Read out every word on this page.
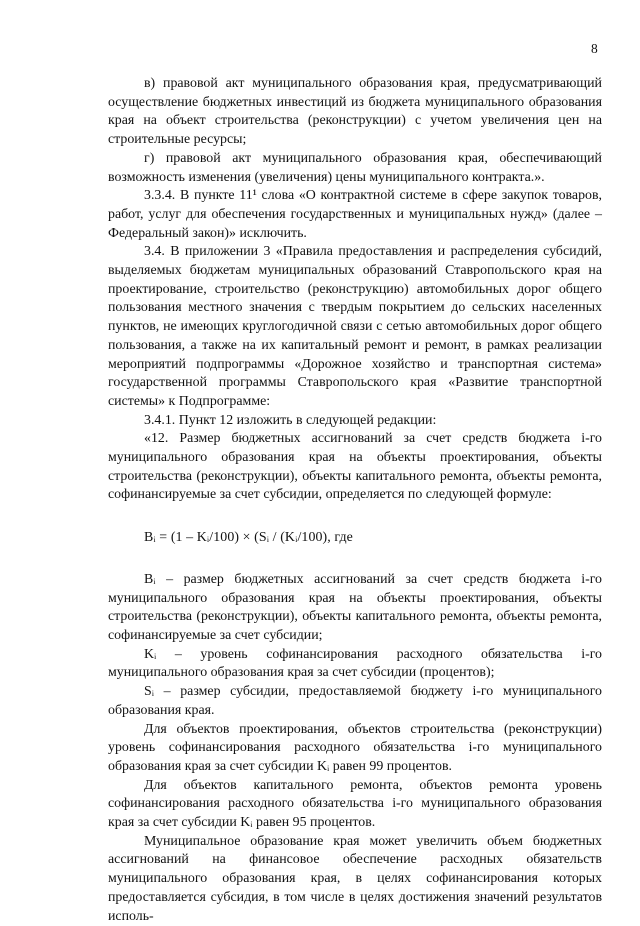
8

в) правовой акт муниципального образования края, предусматривающий осуществление бюджетных инвестиций из бюджета муниципального образования края на объект строительства (реконструкции) с учетом увеличения цен на строительные ресурсы;

г) правовой акт муниципального образования края, обеспечивающий возможность изменения (увеличения) цены муниципального контракта.».

3.3.4. В пункте 11¹ слова «О контрактной системе в сфере закупок товаров, работ, услуг для обеспечения государственных и муниципальных нужд» (далее – Федеральный закон)» исключить.

3.4. В приложении 3 «Правила предоставления и распределения субсидий, выделяемых бюджетам муниципальных образований Ставропольского края на проектирование, строительство (реконструкцию) автомобильных дорог общего пользования местного значения с твердым покрытием до сельских населенных пунктов, не имеющих круглогодичной связи с сетью автомобильных дорог общего пользования, а также на их капитальный ремонт и ремонт, в рамках реализации мероприятий подпрограммы «Дорожное хозяйство и транспортная система» государственной программы Ставропольского края «Развитие транспортной системы» к Подпрограмме:

3.4.1. Пункт 12 изложить в следующей редакции:

«12. Размер бюджетных ассигнований за счет средств бюджета i-го муниципального образования края на объекты проектирования, объекты строительства (реконструкции), объекты капитального ремонта, объекты ремонта, софинансируемые за счет субсидии, определяется по следующей формуле:

Bᵢ = (1 – Kᵢ/100) × (Sᵢ / (Kᵢ/100), где

Bᵢ – размер бюджетных ассигнований за счет средств бюджета i-го муниципального образования края на объекты проектирования, объекты строительства (реконструкции), объекты капитального ремонта, объекты ремонта, софинансируемые за счет субсидии;

Kᵢ – уровень софинансирования расходного обязательства i-го муниципального образования края за счет субсидии (процентов);

Sᵢ – размер субсидии, предоставляемой бюджету i-го муниципального образования края.

Для объектов проектирования, объектов строительства (реконструкции) уровень софинансирования расходного обязательства i-го муниципального образования края за счет субсидии Kᵢ равен 99 процентов.

Для объектов капитального ремонта, объектов ремонта уровень софинансирования расходного обязательства i-го муниципального образования края за счет субсидии Kᵢ равен 95 процентов.

Муниципальное образование края может увеличить объем бюджетных ассигнований на финансовое обеспечение расходных обязательств муниципального образования края, в целях софинансирования которых предоставляется субсидия, в том числе в целях достижения значений результатов исполь-
